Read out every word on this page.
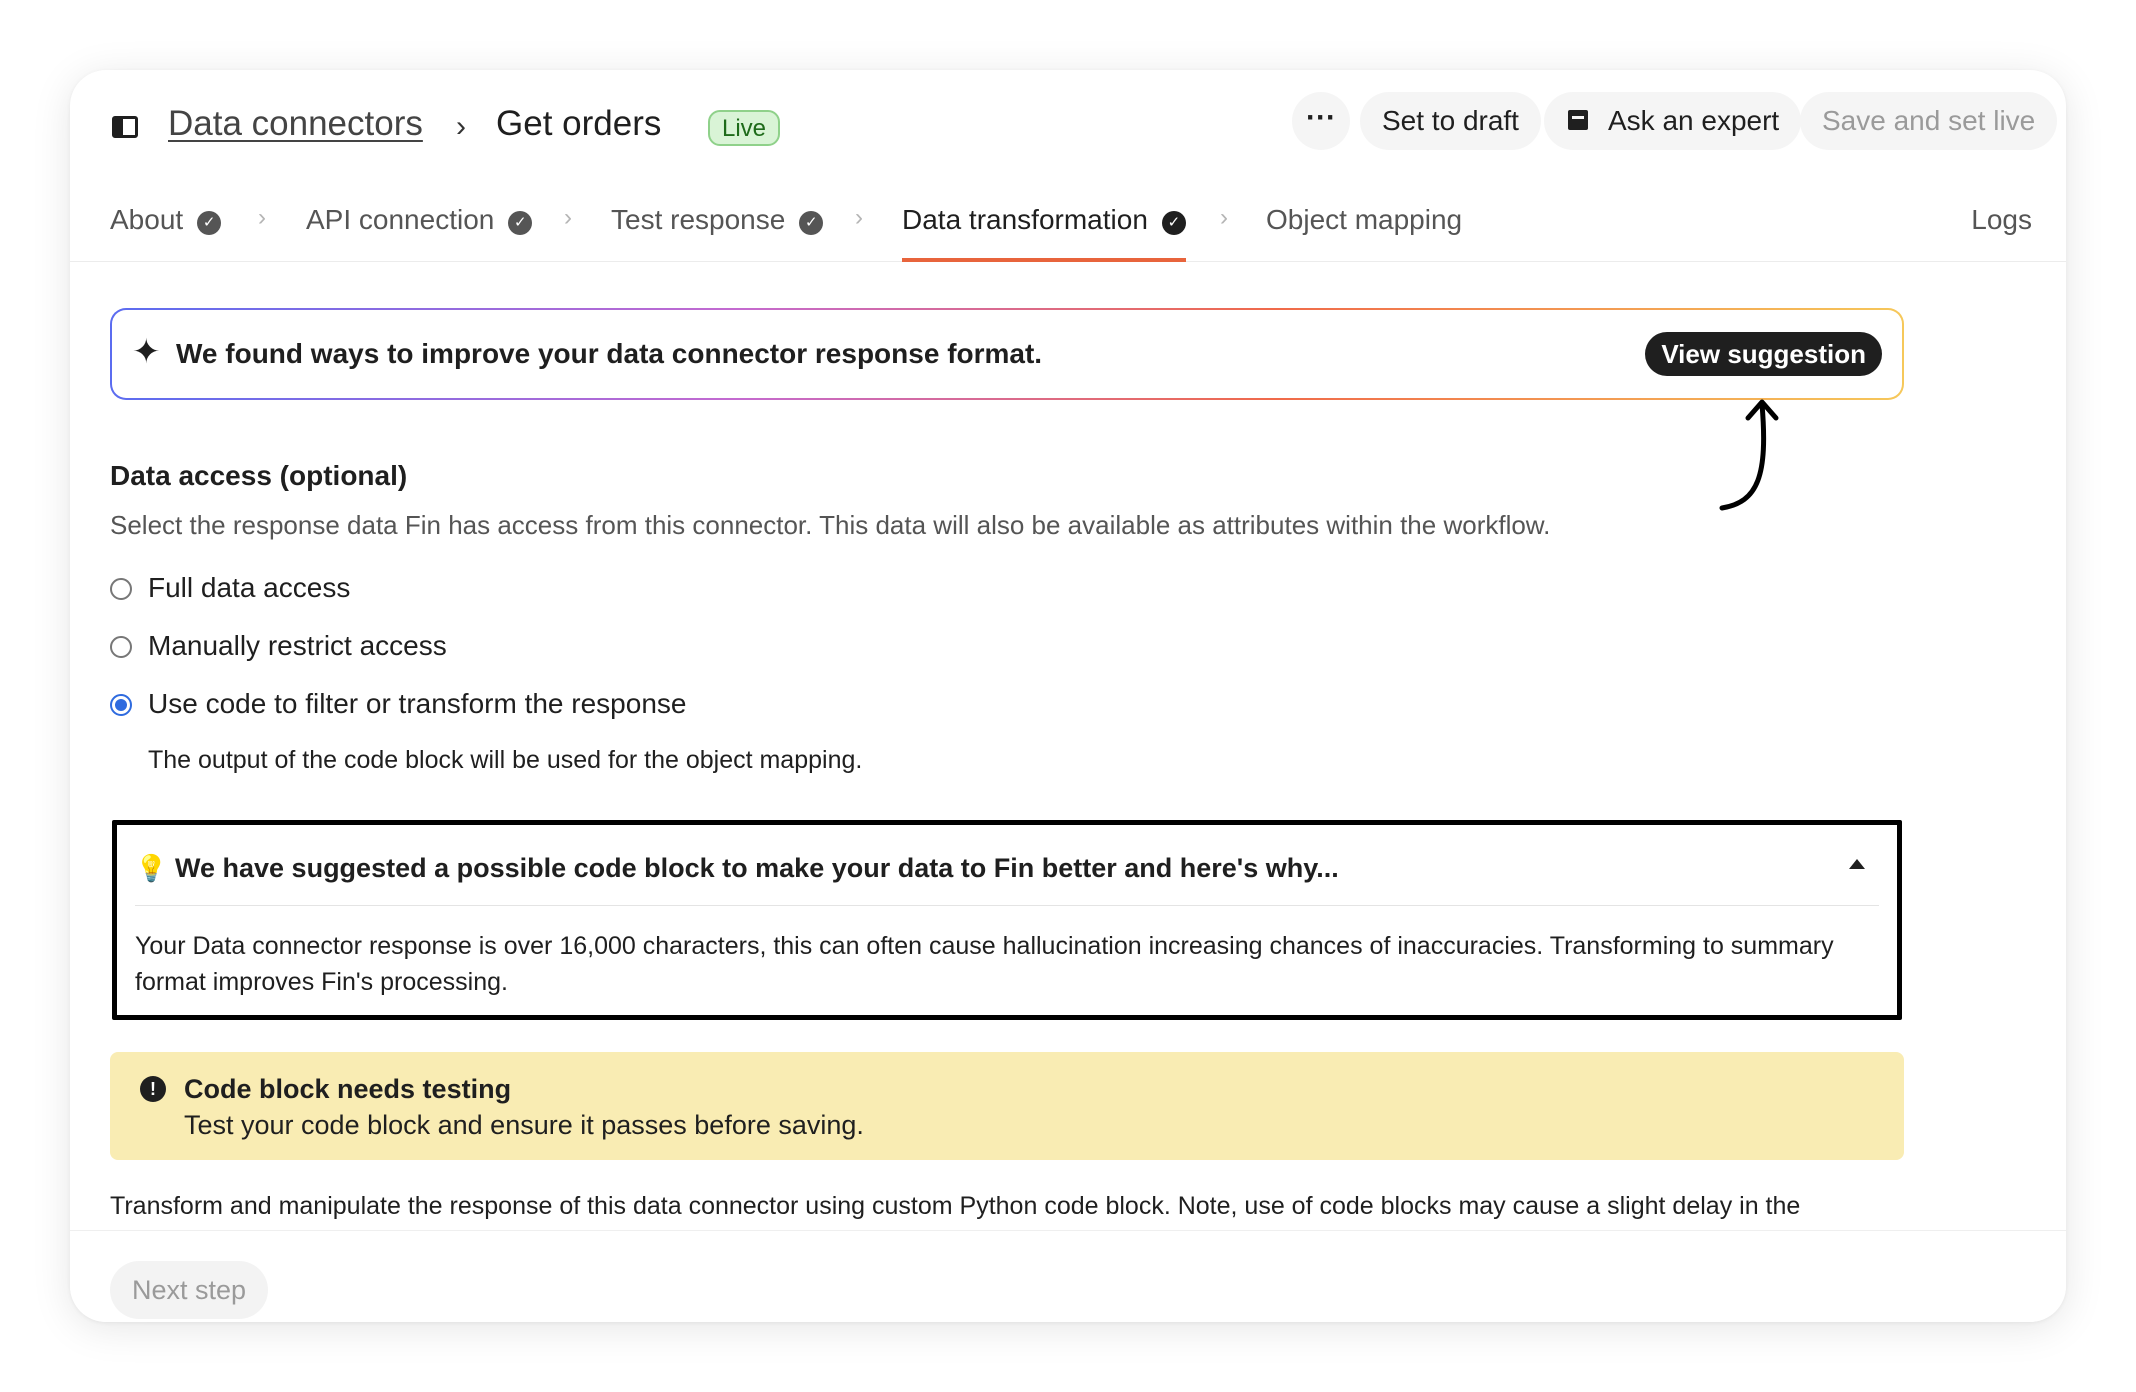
Data connectors › Get orders	Live	···	Set to draft	Ask an expert	Save and set live
About ✓ › API connection ✓ › Test response ✓ › Data transformation ✓ › Object mapping	Logs
✦ We found ways to improve your data connector response format.	View suggestion
Data access (optional)
Select the response data Fin has access from this connector. This data will also be available as attributes within the workflow.
Full data access
Manually restrict access
Use code to filter or transform the response
The output of the code block will be used for the object mapping.
💡 We have suggested a possible code block to make your data to Fin better and here's why...
Your Data connector response is over 16,000 characters, this can often cause hallucination increasing chances of inaccuracies. Transforming to summary format improves Fin's processing.
!	Code block needs testing
Test your code block and ensure it passes before saving.
Transform and manipulate the response of this data connector using custom Python code block. Note, use of code blocks may cause a slight delay in the
Next step
